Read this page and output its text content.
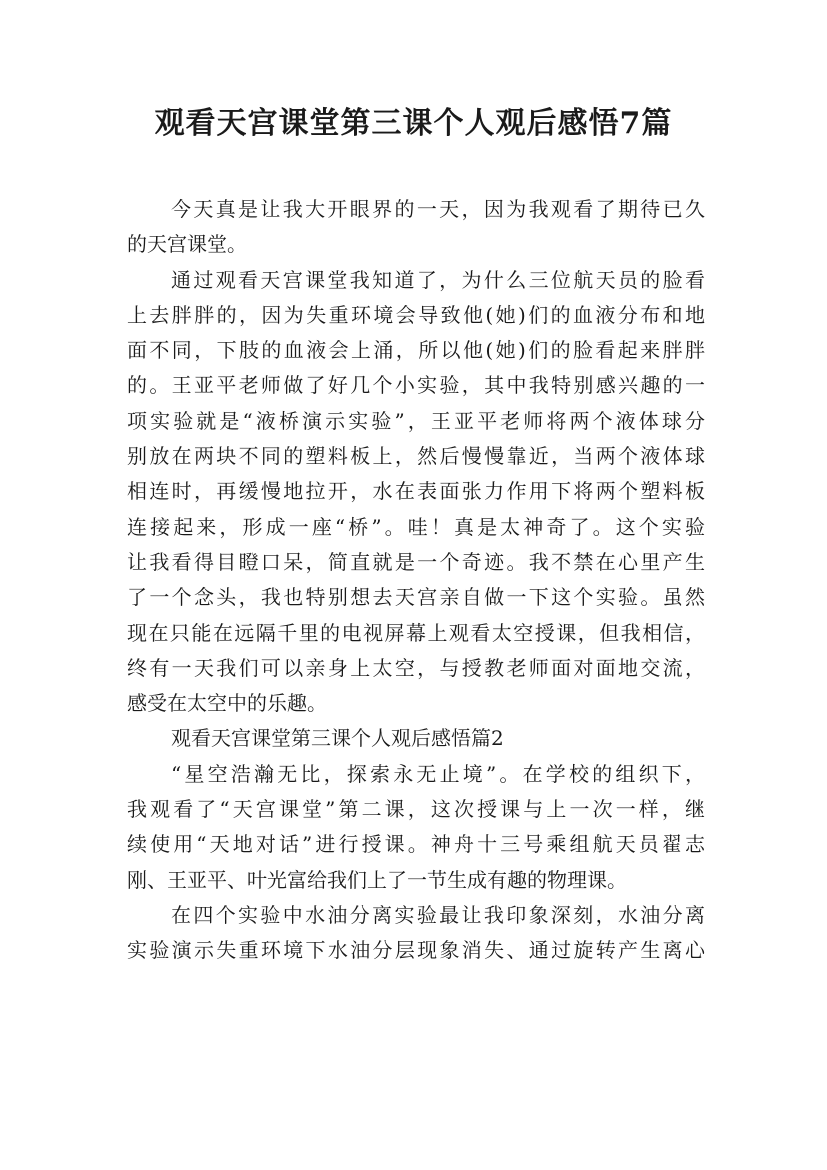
观看天宫课堂第三课个人观后感悟7篇
今天真是让我大开眼界的一天，因为我观看了期待已久
的天宫课堂。
通过观看天宫课堂我知道了，为什么三位航天员的脸看
上去胖胖的，因为失重环境会导致他(她)们的血液分布和地
面不同，下肢的血液会上涌，所以他(她)们的脸看起来胖胖
的。王亚平老师做了好几个小实验，其中我特别感兴趣的一
项实验就是“液桥演示实验”，王亚平老师将两个液体球分
别放在两块不同的塑料板上，然后慢慢靠近，当两个液体球
相连时，再缓慢地拉开，水在表面张力作用下将两个塑料板
连接起来，形成一座“桥”。哇！真是太神奇了。这个实验
让我看得目瞪口呆，简直就是一个奇迹。我不禁在心里产生
了一个念头，我也特别想去天宫亲自做一下这个实验。虽然
现在只能在远隔千里的电视屏幕上观看太空授课，但我相信，
终有一天我们可以亲身上太空，与授教老师面对面地交流，
感受在太空中的乐趣。
观看天宫课堂第三课个人观后感悟篇2
“星空浩瀚无比，探索永无止境”。在学校的组织下，
我观看了“天宫课堂”第二课，这次授课与上一次一样，继
续使用“天地对话”进行授课。神舟十三号乘组航天员翟志
刚、王亚平、叶光富给我们上了一节生成有趣的物理课。
在四个实验中水油分离实验最让我印象深刻，水油分离
实验演示失重环境下水油分层现象消失、通过旋转产生离心
